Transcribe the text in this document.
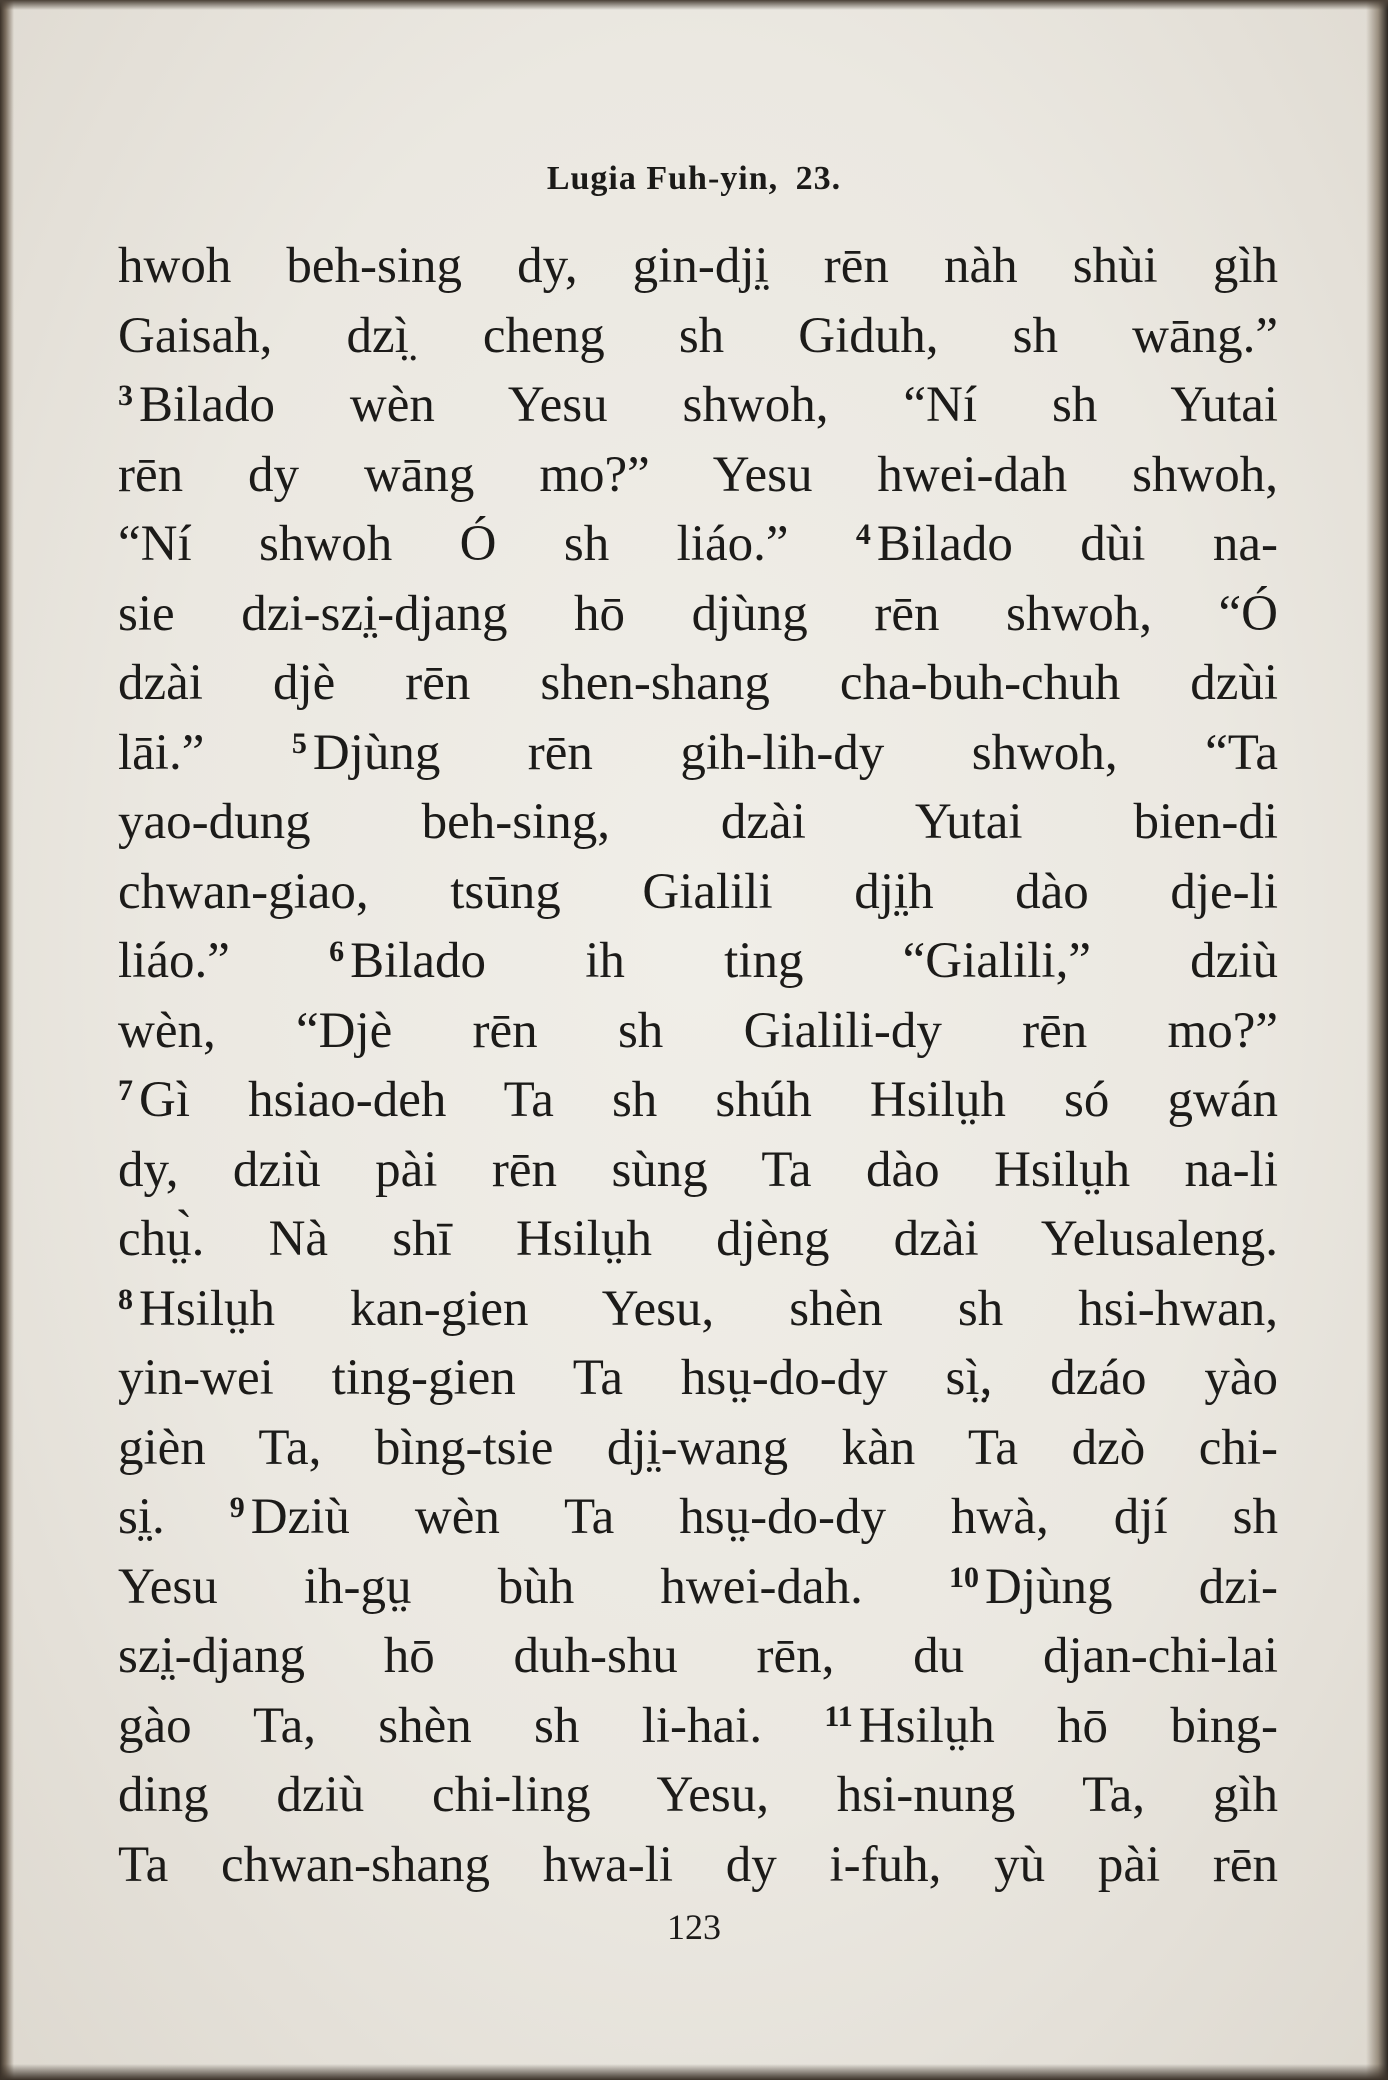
Lugia Fuh-yin, 23.
hwoh beh-sing dy, gin-dji̤ rēn nàh shùi gìh
Gaisah, dzì̤ cheng sh Giduh, sh wāng.”
$^3$ Bilado wèn Yesu shwoh, “Ní sh Yutai
rēn dy wāng mo?” Yesu hwei-dah shwoh,
“Ní shwoh Ó sh liáo.” $^4$ Bilado dùi na-
sie dzi-szi̤-djang hō djùng rēn shwoh, “Ó
dzài djè rēn shen-shang cha-buh-chuh dzùi
lāi.” $^5$ Djùng rēn gih-lih-dy shwoh, “Ta
yao-dung beh-sing, dzài Yutai bien-di
chwan-giao, tsūng Gialili dji̤h dào dje-li
liáo.” $^6$ Bilado ih ting “Gialili,” dziù
wèn, “Djè rēn sh Gialili-dy rēn mo?”
$^7$ Gì hsiao-deh Ta sh shúh Hsilṳh só gwán
dy, dziù pài rēn sùng Ta dào Hsilṳh na-li
chṳ̀. Nà shī Hsilṳh djèng dzài Yelusaleng.
$^8$ Hsilṳh kan-gien Yesu, shèn sh hsi-hwan,
yin-wei ting-gien Ta hsṳ-do-dy sì̤, dzáo yào
gièn Ta, bìng-tsie dji̤-wang kàn Ta dzò chi-
si̤. $^9$ Dziù wèn Ta hsṳ-do-dy hwà, djí sh
Yesu ih-gṳ bùh hwei-dah. $^{10}$ Djùng dzi-
szi̤-djang hō duh-shu rēn, du djan-chi-lai
gào Ta, shèn sh li-hai. $^{11}$ Hsilṳh hō bing-
ding dziù chi-ling Yesu, hsi-nung Ta, gìh
Ta chwan-shang hwa-li dy i-fuh, yù pài rēn
123
